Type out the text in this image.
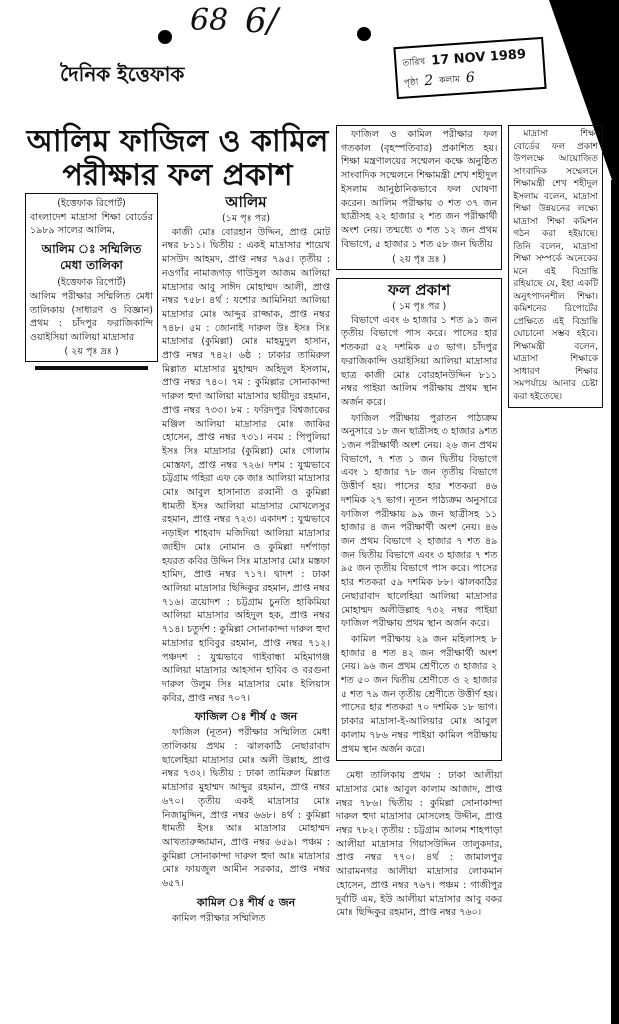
68 6/
দৈনিক ইত্তেফাক	তারিখ 17 NOV 1989
পৃষ্ঠা 2 কলাম 6
আলিম ফাজিল ও কামিল
পরীক্ষার ফল প্রকাশ
(ইত্তেফাক রিপোর্ট)
বাংলাদেশ মাদ্রাসা শিক্ষা বোর্ডের ১৯৮৯ সালের আলিম,
আলিম ঃ সম্মিলিত মেধা তালিকা
(ইত্তেফাক রিপোর্ট)
আলিম পরীক্ষার সম্মিলিত মেধা তালিকায় (সাধারণ ও বিজ্ঞান) প্রথম : চাঁদপুর ফরাজিকান্দি ওয়াইসিয়া আলিয়া মাদ্রাসার
( ২য় পৃঃ দ্রঃ )
আলিম
(১ম পৃঃ পর)

কাজী মোঃ বোরহান উদ্দিন, প্রাপ্ত মোট নম্বর ৮১১। দ্বিতীয় : একই মাদ্রাসার শায়েখ মাসউদ আহমদ, প্রাপ্ত নম্বর ৭৯৫। তৃতীয় : নওগাঁর নামাজগড় গাউসুল আজম আলিয়া মাদ্রাসার আবু সাঈদ মোহাম্মদ আলী, প্রাপ্ত নম্বর ৭৫৮। ৪র্থ : যশোর আমিনিয়া আলিয়া মাদ্রাসার মোঃ আব্দুর রাজ্জাক, প্রাপ্ত নম্বর ৭৪৮। ৫ম : জোনাই দারুল উঃ ইসঃ সিঃ মাদ্রাসার (কুমিল্লা) মোঃ মাহমুদুল হাসান, প্রাপ্ত নম্বর ৭৪২। ৬ষ্ঠ : ঢাকার তামিরুল মিল্লাত মাদ্রাসার মুহাম্মদ অহিদুল ইসলাম, প্রাপ্ত নম্বর ৭৪০। ৭ম : কুমিল্লার সোনাকান্দা দারুল হুদা আলিয়া মাদ্রাসার ছায়ীদুর রহমান, প্রাপ্ত নম্বর ৭৩৩। ৮ম : ফরিদপুর বিশ্বজাকের মঞ্জিল আলিয়া মাদ্রাসার মোঃ জাকির হোসেন, প্রাপ্ত নম্বর ৭৩১। নবম : পিপুলিয়া ইসঃ সিঃ মাদ্রাসার (কুমিল্লা) মোঃ গোলাম মোস্তফা, প্রাপ্ত নম্বর ৭২৬। দশম : যুগ্মভাবে চট্টগ্রাম গহিরা এফ কে জাঃ আলিয়া মাদ্রাসার মোঃ আবুল হাসানাত রব্বানী ও কুমিল্লা ধামতী ইসঃ আলিয়া মাদ্রাসার মোখলেসুর রহমান, প্রাপ্ত নম্বর ৭২৩। একাদশ : যুগ্মভাবে নড়াইল শাহবাদ মজিদিয়া আলিয়া মাদ্রাসার জাহীদ মোঃ নোমান ও কুমিল্লা দর্শপাড়া হযরত কবির উদ্দিন সিঃ মাদ্রাসার মোঃ মস্তফা হামিদ, প্রাপ্ত নম্বর ৭১৭। দ্বাদশ : ঢাকা আলিয়া মাদ্রাসার ছিদ্দিকুর রহমান, প্রাপ্ত নম্বর ৭১৬। ত্রয়োদশ : চট্টগ্রাম চুনতি হাকিমিয়া আলিয়া মাদ্রাসার অহিদুল হক, প্রাপ্ত নম্বর ৭১৪। চতুর্দশ : কুমিল্লা সোনাকান্দা দারুল হুদা মাদ্রাসার হাবিবুর রহমান, প্রাপ্ত নম্বর ৭১২। পঞ্চদশ : যুগ্মভাবে গাইবান্ধা মহিমাগঞ্জ আলিয়া মাদ্রাসার আহসান হাবিব ও বরগুনা দারুল উলুম সিঃ মাদ্রাসার মোঃ ইলিয়াস কবির, প্রাপ্ত নম্বর ৭০৭।

ফাজিল ঃ শীর্ষ ৫ জন

ফাজিল (নূতন) পরীক্ষার সম্মিলিত মেধা তালিকায় প্রথম : ঝালকাঠি নেছারাবাদ ছালেহিয়া মাদ্রাসার মোঃ অলী উল্লাহ, প্রাপ্ত নম্বর ৭৩২। দ্বিতীয় : ঢাকা তামিরুল মিল্লাত মাদ্রাসার মুহাম্মদ আব্দুর রহমান, প্রাপ্ত নম্বর ৬৭০। তৃতীয় একই মাদ্রাসার মোঃ নিজামুদ্দিন, প্রাপ্ত নম্বর ৬৬৮। ৪র্থ : কুমিল্লা ধামতী ইসঃ আঃ মাদ্রাসার মোহাম্মদ আখতারুজ্জামান, প্রাপ্ত নম্বর ৬৫৯। পঞ্চম : কুমিল্লা সোনাকান্দা দারুল হুদা আঃ মাদ্রাসার মোঃ ফায়জুল আমীন সরকার, প্রাপ্ত নম্বর ৬৫৭।

কামিল ঃ শীর্ষ ৫ জন

কামিল পরীক্ষার সম্মিলিত

ফাজিল ও কামিল পরীক্ষার ফল গতকাল (বৃহস্পতিবার) প্রকাশিত হয়। শিক্ষা মন্ত্রণালয়ের সম্মেলন কক্ষে অনুষ্ঠিত সাংবাদিক সম্মেলনে শিক্ষামন্ত্রী শেখ শহীদুল ইসলাম আনুষ্ঠানিকভাবে ফল ঘোষণা করেন। আলিম পরীক্ষায় ৩ শত ৩৭ জন ছাত্রীসহ ২২ হাজার ২ শত জন পরীক্ষার্থী অংশ নেয়। তন্মধ্যে ৩ শত ১২ জন প্রথম বিভাগে, ৫ হাজার ১ শত ৫৮ জন দ্বিতীয়

( ২য় পৃঃ দ্রঃ )
ফল প্রকাশ
( ১ম পৃঃ পর )

বিভাগে এবং ৬ হাজার ১ শত ৯১ জন তৃতীয় বিভাগে পাস করে। পাসের হার শতকরা ৫২ দশমিক ৫৩ ভাগ। চাঁদপুর ফরাজিকান্দি ওয়াইসিয়া আলিয়া মাদ্রাসার ছাত্র কাজী মোঃ বোরহানউদ্দিন ৮১১ নম্বর পাইয়া আলিম পরীক্ষায় প্রথম স্থান অর্জন করে।

ফাজিল পরীক্ষায় পুরাতন পাঠ্যক্রম অনুসারে ১৮ জন ছাত্রীসহ ৩ হাজার ৯শত ১জন পরীক্ষার্থী অংশ নেয়। ২৬ জন প্রথম বিভাগে, ৭ শত ১ জন দ্বিতীয় বিভাগে এবং ১ হাজার ৭৮ জন তৃতীয় বিভাগে উত্তীর্ণ হয়। পাসের হার শতকরা ৪৬ দশমিক ২৭ ভাগ। নূতন পাঠ্যক্রম অনুসারে ফাজিল পরীক্ষায় ৯৯ জন ছাত্রীসহ ১১ হাজার ৪ জন পরীক্ষার্থী অংশ নেয়। ৪৬ জন প্রথম বিভাগে ২ হাজার ৭ শত ৪৯ জন দ্বিতীয় বিভাগে এবং ৩ হাজার ৭ শত ৯৫ জন তৃতীয় বিভাগে পাস করে। পাসের হার শতকরা ৫৯ দশমিক ৮৮। ঝালকাঠির নেছারাবাদ ছালেহিয়া আলিয়া মাদ্রাসার মোহাম্মদ অলীউল্লাহ ৭৩২ নম্বর পাইয়া ফাজিল পরীক্ষায় প্রথম স্থান অর্জন করে।

কামিল পরীক্ষায় ২৯ জন মহিলাসহ ৮ হাজার ৪ শত ৪২ জন পরীক্ষার্থী অংশ নেয়। ৯৬ জন প্রথম শ্রেণীতে ৩ হাজার ২ শত ৫০ জন দ্বিতীয় শ্রেণীতে ও ২ হাজার ৫ শত ৭৯ জন তৃতীয় শ্রেণীতে উত্তীর্ণ হয়। পাসের হার শতকরা ৭০ দশমিক ১৮ ভাগ। ঢাকার মাদ্রাসা-ই-আলিয়ার মোঃ আবুল কালাম ৭৮৬ নম্বর পাইয়া কামিল পরীক্ষায় প্রথম স্থান অর্জন করে।

মেধা তালিকায় প্রথম : ঢাকা আলীয়া মাদ্রাসার মোঃ আবুল কালাম আজাদ, প্রাপ্ত নম্বর ৭৮৬। দ্বিতীয় : কুমিল্লা সোনাকান্দা দারুল হুদা মাদ্রাসার মোসলেহ উদ্দীন, প্রাপ্ত নম্বর ৭৮২। তৃতীয় : চট্টগ্রাম আলম শাহপাড়া আলীয়া মাদ্রাসার গিয়াসউদ্দিন তালুকদার, প্রাপ্ত নম্বর ৭৭০। ৪র্থ : জামালপুর আরামনগর আলীয়া মাদ্রাসার লোকমান হোসেন, প্রাপ্ত নম্বর ৭৬৭। পঞ্চম : গাজীপুর দুর্বাটি এম, ইউ আলীয়া মাদ্রাসার আবু বকর মোঃ ছিদ্দিকুর রহমান, প্রাপ্ত নম্বর ৭৬০।

মাদ্রাসা শিক্ষা বোর্ডের ফল প্রকাশ উপলক্ষে আয়োজিত সাংবাদিক সম্মেলনে শিক্ষামন্ত্রী শেখ শহীদুল ইসলাম বলেন, মাদ্রাসা শিক্ষা উন্নয়নের লক্ষ্যে মাদ্রাসা শিক্ষা কমিশন গঠন করা হইয়াছে। তিনি বলেন, মাদ্রাসা শিক্ষা সম্পর্কে অনেকের মনে এই বিভ্রান্তি রহিয়াছে যে, ইহা একটি অনুৎপাদনশীল শিক্ষা। কমিশনের রিপোর্টের প্রেক্ষিতে এই বিভ্রান্তি ঘোচানো সম্ভব হইবে। শিক্ষামন্ত্রী বলেন, মাদ্রাসা শিক্ষাকে সাধারণ শিক্ষার সমপর্যায়ে আনার চেষ্টা করা হইতেছে।
